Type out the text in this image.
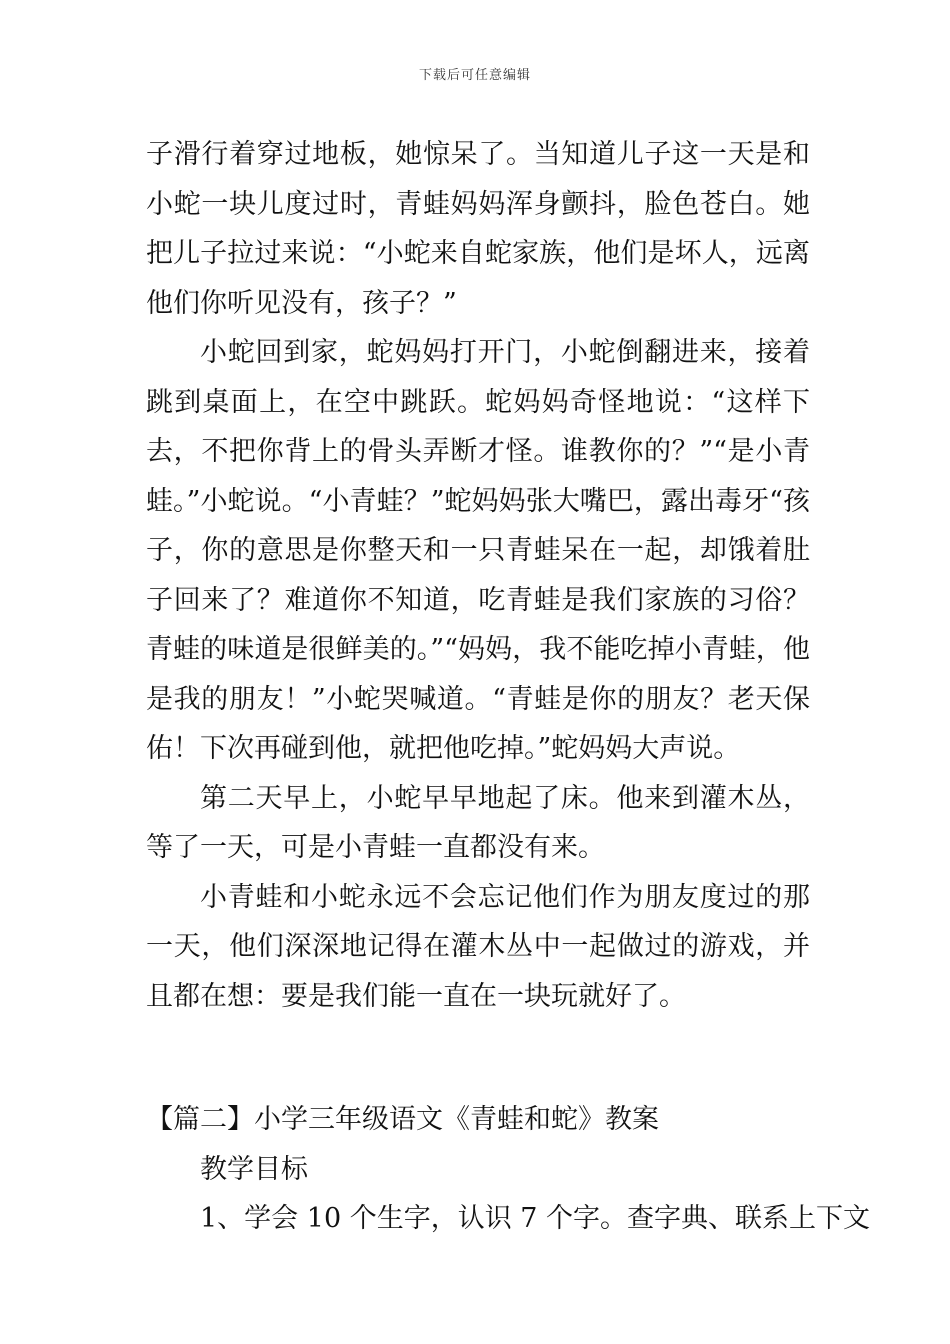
下载后可任意编辑

子滑行着穿过地板，她惊呆了。当知道儿子这一天是和小蛇一块儿度过时，青蛙妈妈浑身颤抖，脸色苍白。她把儿子拉过来说：“小蛇来自蛇家族，他们是坏人，远离他们你听见没有，孩子？”

小蛇回到家，蛇妈妈打开门，小蛇倒翻进来，接着跳到桌面上，在空中跳跃。蛇妈妈奇怪地说：“这样下去，不把你背上的骨头弄断才怪。谁教你的？”“是小青蛙。”小蛇说。“小青蛙？”蛇妈妈张大嘴巴，露出毒牙“孩子，你的意思是你整天和一只青蛙呆在一起，却饿着肚子回来了？难道你不知道，吃青蛙是我们家族的习俗？青蛙的味道是很鲜美的。”“妈妈，我不能吃掉小青蛙，他是我的朋友！”小蛇哭喊道。“青蛙是你的朋友？老天保佑！下次再碰到他，就把他吃掉。”蛇妈妈大声说。

第二天早上，小蛇早早地起了床。他来到灌木丛，等了一天，可是小青蛙一直都没有来。

小青蛙和小蛇永远不会忘记他们作为朋友度过的那一天，他们深深地记得在灌木丛中一起做过的游戏，并且都在想：要是我们能一直在一块玩就好了。

【篇二】小学三年级语文《青蛙和蛇》教案

教学目标

1、学会 10 个生字，认识 7 个字。查字典、联系上下文
